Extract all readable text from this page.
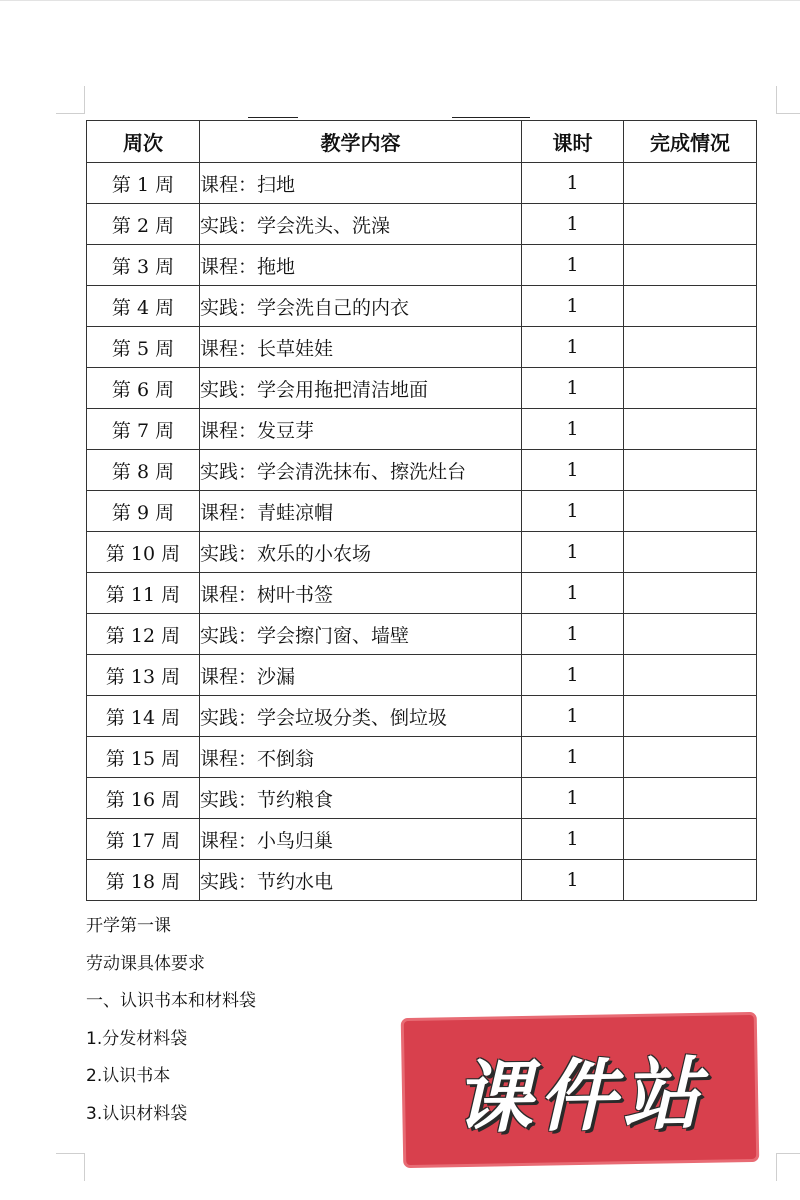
周次	教学内容	课时	完成情况
第 1 周	课程：扫地	1	
第 2 周	实践：学会洗头、洗澡	1	
第 3 周	课程：拖地	1	
第 4 周	实践：学会洗自己的内衣	1	
第 5 周	课程：长草娃娃	1	
第 6 周	实践：学会用拖把清洁地面	1	
第 7 周	课程：发豆芽	1	
第 8 周	实践：学会清洗抹布、擦洗灶台	1	
第 9 周	课程：青蛙凉帽	1	
第 10 周	实践：欢乐的小农场	1	
第 11 周	课程：树叶书签	1	
第 12 周	实践：学会擦门窗、墙壁	1	
第 13 周	课程：沙漏	1	
第 14 周	实践：学会垃圾分类、倒垃圾	1	
第 15 周	课程：不倒翁	1	
第 16 周	实践：节约粮食	1	
第 17 周	课程：小鸟归巢	1	
第 18 周	实践：节约水电	1	
开学第一课
劳动课具体要求
一、认识书本和材料袋
1.分发材料袋
2.认识书本
3.认识材料袋	课件站
